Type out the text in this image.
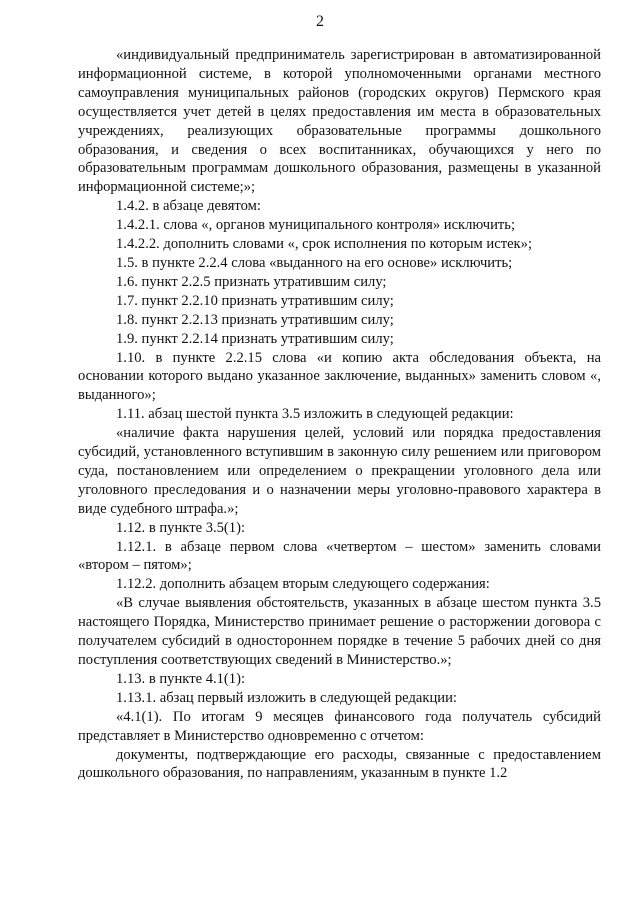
2

«индивидуальный предприниматель зарегистрирован в автоматизированной информационной системе, в которой уполномоченными органами местного самоуправления муниципальных районов (городских округов) Пермского края осуществляется учет детей в целях предоставления им места в образовательных учреждениях, реализующих образовательные программы дошкольного образования, и сведения о всех воспитанниках, обучающихся у него по образовательным программам дошкольного образования, размещены в указанной информационной системе;»;

1.4.2. в абзаце девятом:

1.4.2.1. слова «, органов муниципального контроля» исключить;

1.4.2.2. дополнить словами «, срок исполнения по которым истек»;

1.5. в пункте 2.2.4 слова «выданного на его основе» исключить;

1.6. пункт 2.2.5 признать утратившим силу;

1.7. пункт 2.2.10 признать утратившим силу;

1.8. пункт 2.2.13 признать утратившим силу;

1.9. пункт 2.2.14 признать утратившим силу;

1.10. в пункте 2.2.15 слова «и копию акта обследования объекта, на основании которого выдано указанное заключение, выданных» заменить словом «, выданного»;

1.11. абзац шестой пункта 3.5 изложить в следующей редакции:

«наличие факта нарушения целей, условий или порядка предоставления субсидий, установленного вступившим в законную силу решением или приговором суда, постановлением или определением о прекращении уголовного дела или уголовного преследования и о назначении меры уголовно-правового характера в виде судебного штрафа.»;

1.12. в пункте 3.5(1):

1.12.1. в абзаце первом слова «четвертом – шестом» заменить словами «втором – пятом»;

1.12.2. дополнить абзацем вторым следующего содержания:

«В случае выявления обстоятельств, указанных в абзаце шестом пункта 3.5 настоящего Порядка, Министерство принимает решение о расторжении договора с получателем субсидий в одностороннем порядке в течение 5 рабочих дней со дня поступления соответствующих сведений в Министерство.»;

1.13. в пункте 4.1(1):

1.13.1. абзац первый изложить в следующей редакции:

«4.1(1). По итогам 9 месяцев финансового года получатель субсидий представляет в Министерство одновременно с отчетом:

документы, подтверждающие его расходы, связанные с предоставлением дошкольного образования, по направлениям, указанным в пункте 1.2
